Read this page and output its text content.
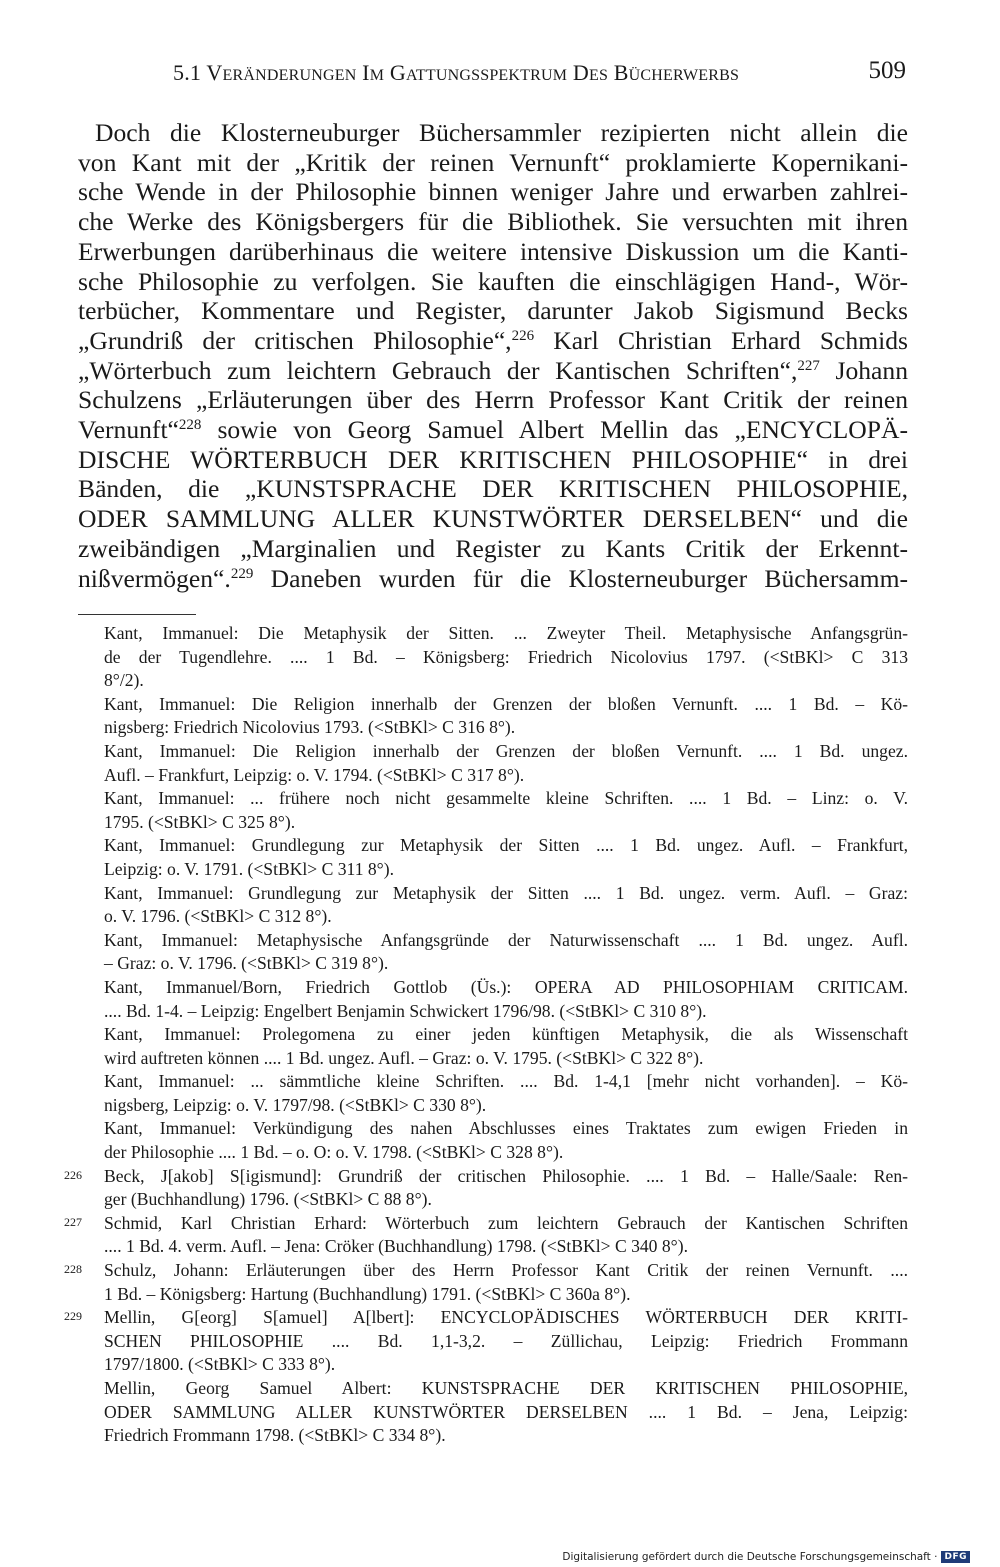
5.1 VERÄNDERUNGEN IM GATTUNGSSPEKTRUM DES BÜCHERWERBS	509
Doch die Klosterneuburger Büchersammler rezipierten nicht allein die
von Kant mit der „Kritik der reinen Vernunft“ proklamierte Kopernikani-
sche Wende in der Philosophie binnen weniger Jahre und erwarben zahlrei-
che Werke des Königsbergers für die Bibliothek. Sie versuchten mit ihren
Erwerbungen darüberhinaus die weitere intensive Diskussion um die Kanti-
sche Philosophie zu verfolgen. Sie kauften die einschlägigen Hand-, Wör-
terbücher, Kommentare und Register, darunter Jakob Sigismund Becks
„Grundriß der critischen Philosophie“,$^{226}$ Karl Christian Erhard Schmids
„Wörterbuch zum leichtern Gebrauch der Kantischen Schriften“,$^{227}$ Johann
Schulzens „Erläuterungen über des Herrn Professor Kant Critik der reinen
Vernunft“$^{228}$ sowie von Georg Samuel Albert Mellin das „ENCYCLOPÄ-
DISCHE WÖRTERBUCH DER KRITISCHEN PHILOSOPHIE“ in drei
Bänden, die „KUNSTSPRACHE DER KRITISCHEN PHILOSOPHIE,
ODER SAMMLUNG ALLER KUNSTWÖRTER DERSELBEN“ und die
zweibändigen „Marginalien und Register zu Kants Critik der Erkennt-
nißvermögen“.$^{229}$ Daneben wurden für die Klosterneuburger Büchersamm-
Kant, Immanuel: Die Metaphysik der Sitten. ... Zweyter Theil. Metaphysische Anfangsgrün-
de der Tugendlehre. .... 1 Bd. – Königsberg: Friedrich Nicolovius 1797. (<StBKl> C 313
8°/2).
Kant, Immanuel: Die Religion innerhalb der Grenzen der bloßen Vernunft. .... 1 Bd. – Kö-
nigsberg: Friedrich Nicolovius 1793. (<StBKl> C 316 8°).
Kant, Immanuel: Die Religion innerhalb der Grenzen der bloßen Vernunft. .... 1 Bd. ungez.
Aufl. – Frankfurt, Leipzig: o. V. 1794. (<StBKl> C 317 8°).
Kant, Immanuel: ... frühere noch nicht gesammelte kleine Schriften. .... 1 Bd. – Linz: o. V.
1795. (<StBKl> C 325 8°).
Kant, Immanuel: Grundlegung zur Metaphysik der Sitten .... 1 Bd. ungez. Aufl. – Frankfurt,
Leipzig: o. V. 1791. (<StBKl> C 311 8°).
Kant, Immanuel: Grundlegung zur Metaphysik der Sitten .... 1 Bd. ungez. verm. Aufl. – Graz:
o. V. 1796. (<StBKl> C 312 8°).
Kant, Immanuel: Metaphysische Anfangsgründe der Naturwissenschaft .... 1 Bd. ungez. Aufl.
– Graz: o. V. 1796. (<StBKl> C 319 8°).
Kant, Immanuel/Born, Friedrich Gottlob (Üs.): OPERA AD PHILOSOPHIAM CRITICAM.
.... Bd. 1-4. – Leipzig: Engelbert Benjamin Schwickert 1796/98. (<StBKl> C 310 8°).
Kant, Immanuel: Prolegomena zu einer jeden künftigen Metaphysik, die als Wissenschaft
wird auftreten können .... 1 Bd. ungez. Aufl. – Graz: o. V. 1795. (<StBKl> C 322 8°).
Kant, Immanuel: ... sämmtliche kleine Schriften. .... Bd. 1-4,1 [mehr nicht vorhanden]. – Kö-
nigsberg, Leipzig: o. V. 1797/98. (<StBKl> C 330 8°).
Kant, Immanuel: Verkündigung des nahen Abschlusses eines Traktates zum ewigen Frieden in
der Philosophie .... 1 Bd. – o. O: o. V. 1798. (<StBKl> C 328 8°).
226 Beck, J[akob] S[igismund]: Grundriß der critischen Philosophie. .... 1 Bd. – Halle/Saale: Ren-
ger (Buchhandlung) 1796. (<StBKl> C 88 8°).
227 Schmid, Karl Christian Erhard: Wörterbuch zum leichtern Gebrauch der Kantischen Schriften
.... 1 Bd. 4. verm. Aufl. – Jena: Cröker (Buchhandlung) 1798. (<StBKl> C 340 8°).
228 Schulz, Johann: Erläuterungen über des Herrn Professor Kant Critik der reinen Vernunft. ....
1 Bd. – Königsberg: Hartung (Buchhandlung) 1791. (<StBKl> C 360a 8°).
229 Mellin, G[eorg] S[amuel] A[lbert]: ENCYCLOPÄDISCHES WÖRTERBUCH DER KRITI-
SCHEN PHILOSOPHIE .... Bd. 1,1-3,2. – Züllichau, Leipzig: Friedrich Frommann
1797/1800. (<StBKl> C 333 8°).
Mellin, Georg Samuel Albert: KUNSTSPRACHE DER KRITISCHEN PHILOSOPHIE,
ODER SAMMLUNG ALLER KUNSTWÖRTER DERSELBEN .... 1 Bd. – Jena, Leipzig:
Friedrich Frommann 1798. (<StBKl> C 334 8°).
Digitalisierung gefördert durch die Deutsche Forschungsgemeinschaft · DFG
